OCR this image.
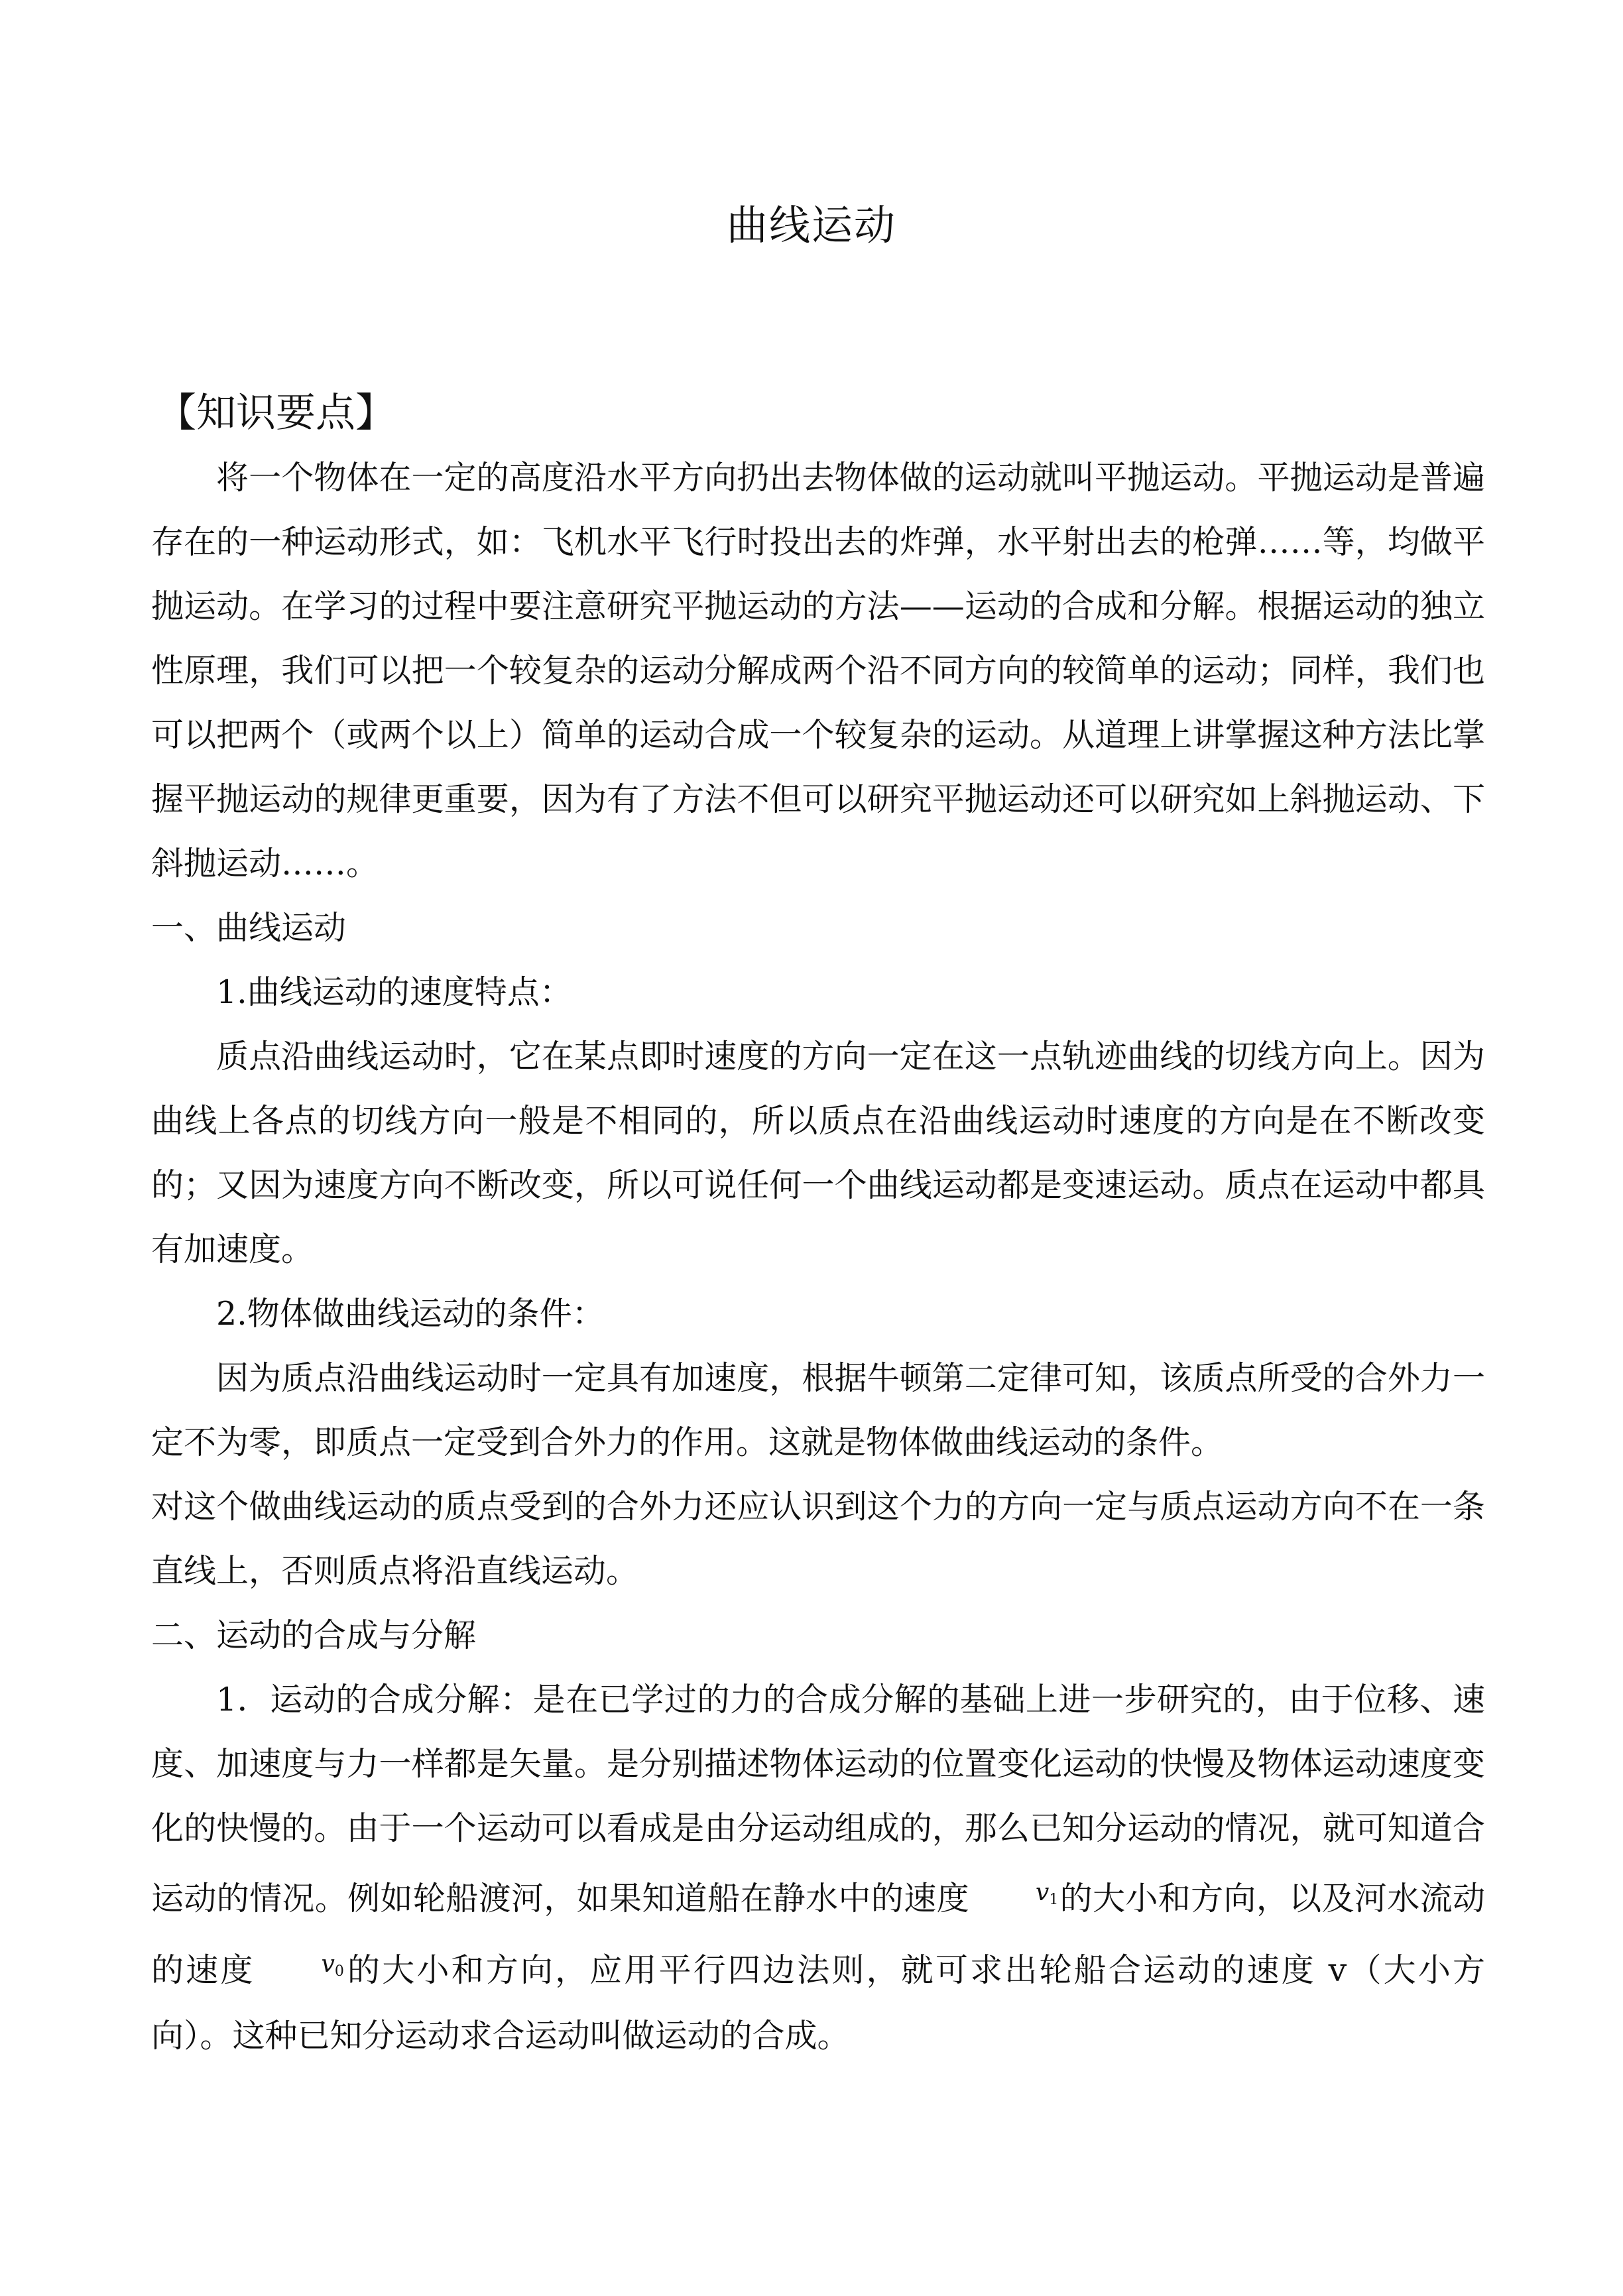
曲线运动
【知识要点】

将一个物体在一定的高度沿水平方向扔出去物体做的运动就叫平抛运动。平抛运动是普遍存在的一种运动形式，如：飞机水平飞行时投出去的炸弹，水平射出去的枪弹……等，均做平抛运动。在学习的过程中要注意研究平抛运动的方法——运动的合成和分解。根据运动的独立性原理，我们可以把一个较复杂的运动分解成两个沿不同方向的较简单的运动；同样，我们也可以把两个（或两个以上）简单的运动合成一个较复杂的运动。从道理上讲掌握这种方法比掌握平抛运动的规律更重要，因为有了方法不但可以研究平抛运动还可以研究如上斜抛运动、下斜抛运动……。

一、曲线运动

1.曲线运动的速度特点：

质点沿曲线运动时，它在某点即时速度的方向一定在这一点轨迹曲线的切线方向上。因为曲线上各点的切线方向一般是不相同的，所以质点在沿曲线运动时速度的方向是在不断改变的；又因为速度方向不断改变，所以可说任何一个曲线运动都是变速运动。质点在运动中都具有加速度。

2.物体做曲线运动的条件：

因为质点沿曲线运动时一定具有加速度，根据牛顿第二定律可知，该质点所受的合外力一定不为零，即质点一定受到合外力的作用。这就是物体做曲线运动的条件。

对这个做曲线运动的质点受到的合外力还应认识到这个力的方向一定与质点运动方向不在一条直线上，否则质点将沿直线运动。

二、运动的合成与分解

1．运动的合成分解：是在已学过的力的合成分解的基础上进一步研究的，由于位移、速度、加速度与力一样都是矢量。是分别描述物体运动的位置变化运动的快慢及物体运动速度变化的快慢的。由于一个运动可以看成是由分运动组成的，那么已知分运动的情况，就可知道合运动的情况。例如轮船渡河，如果知道船在静水中的速度	$v_1$的大小和方向，以及河水流动的速度	$v_0$的大小和方向，应用平行四边法则，就可求出轮船合运动的速度 v（大小方向）。这种已知分运动求合运动叫做运动的合成。
